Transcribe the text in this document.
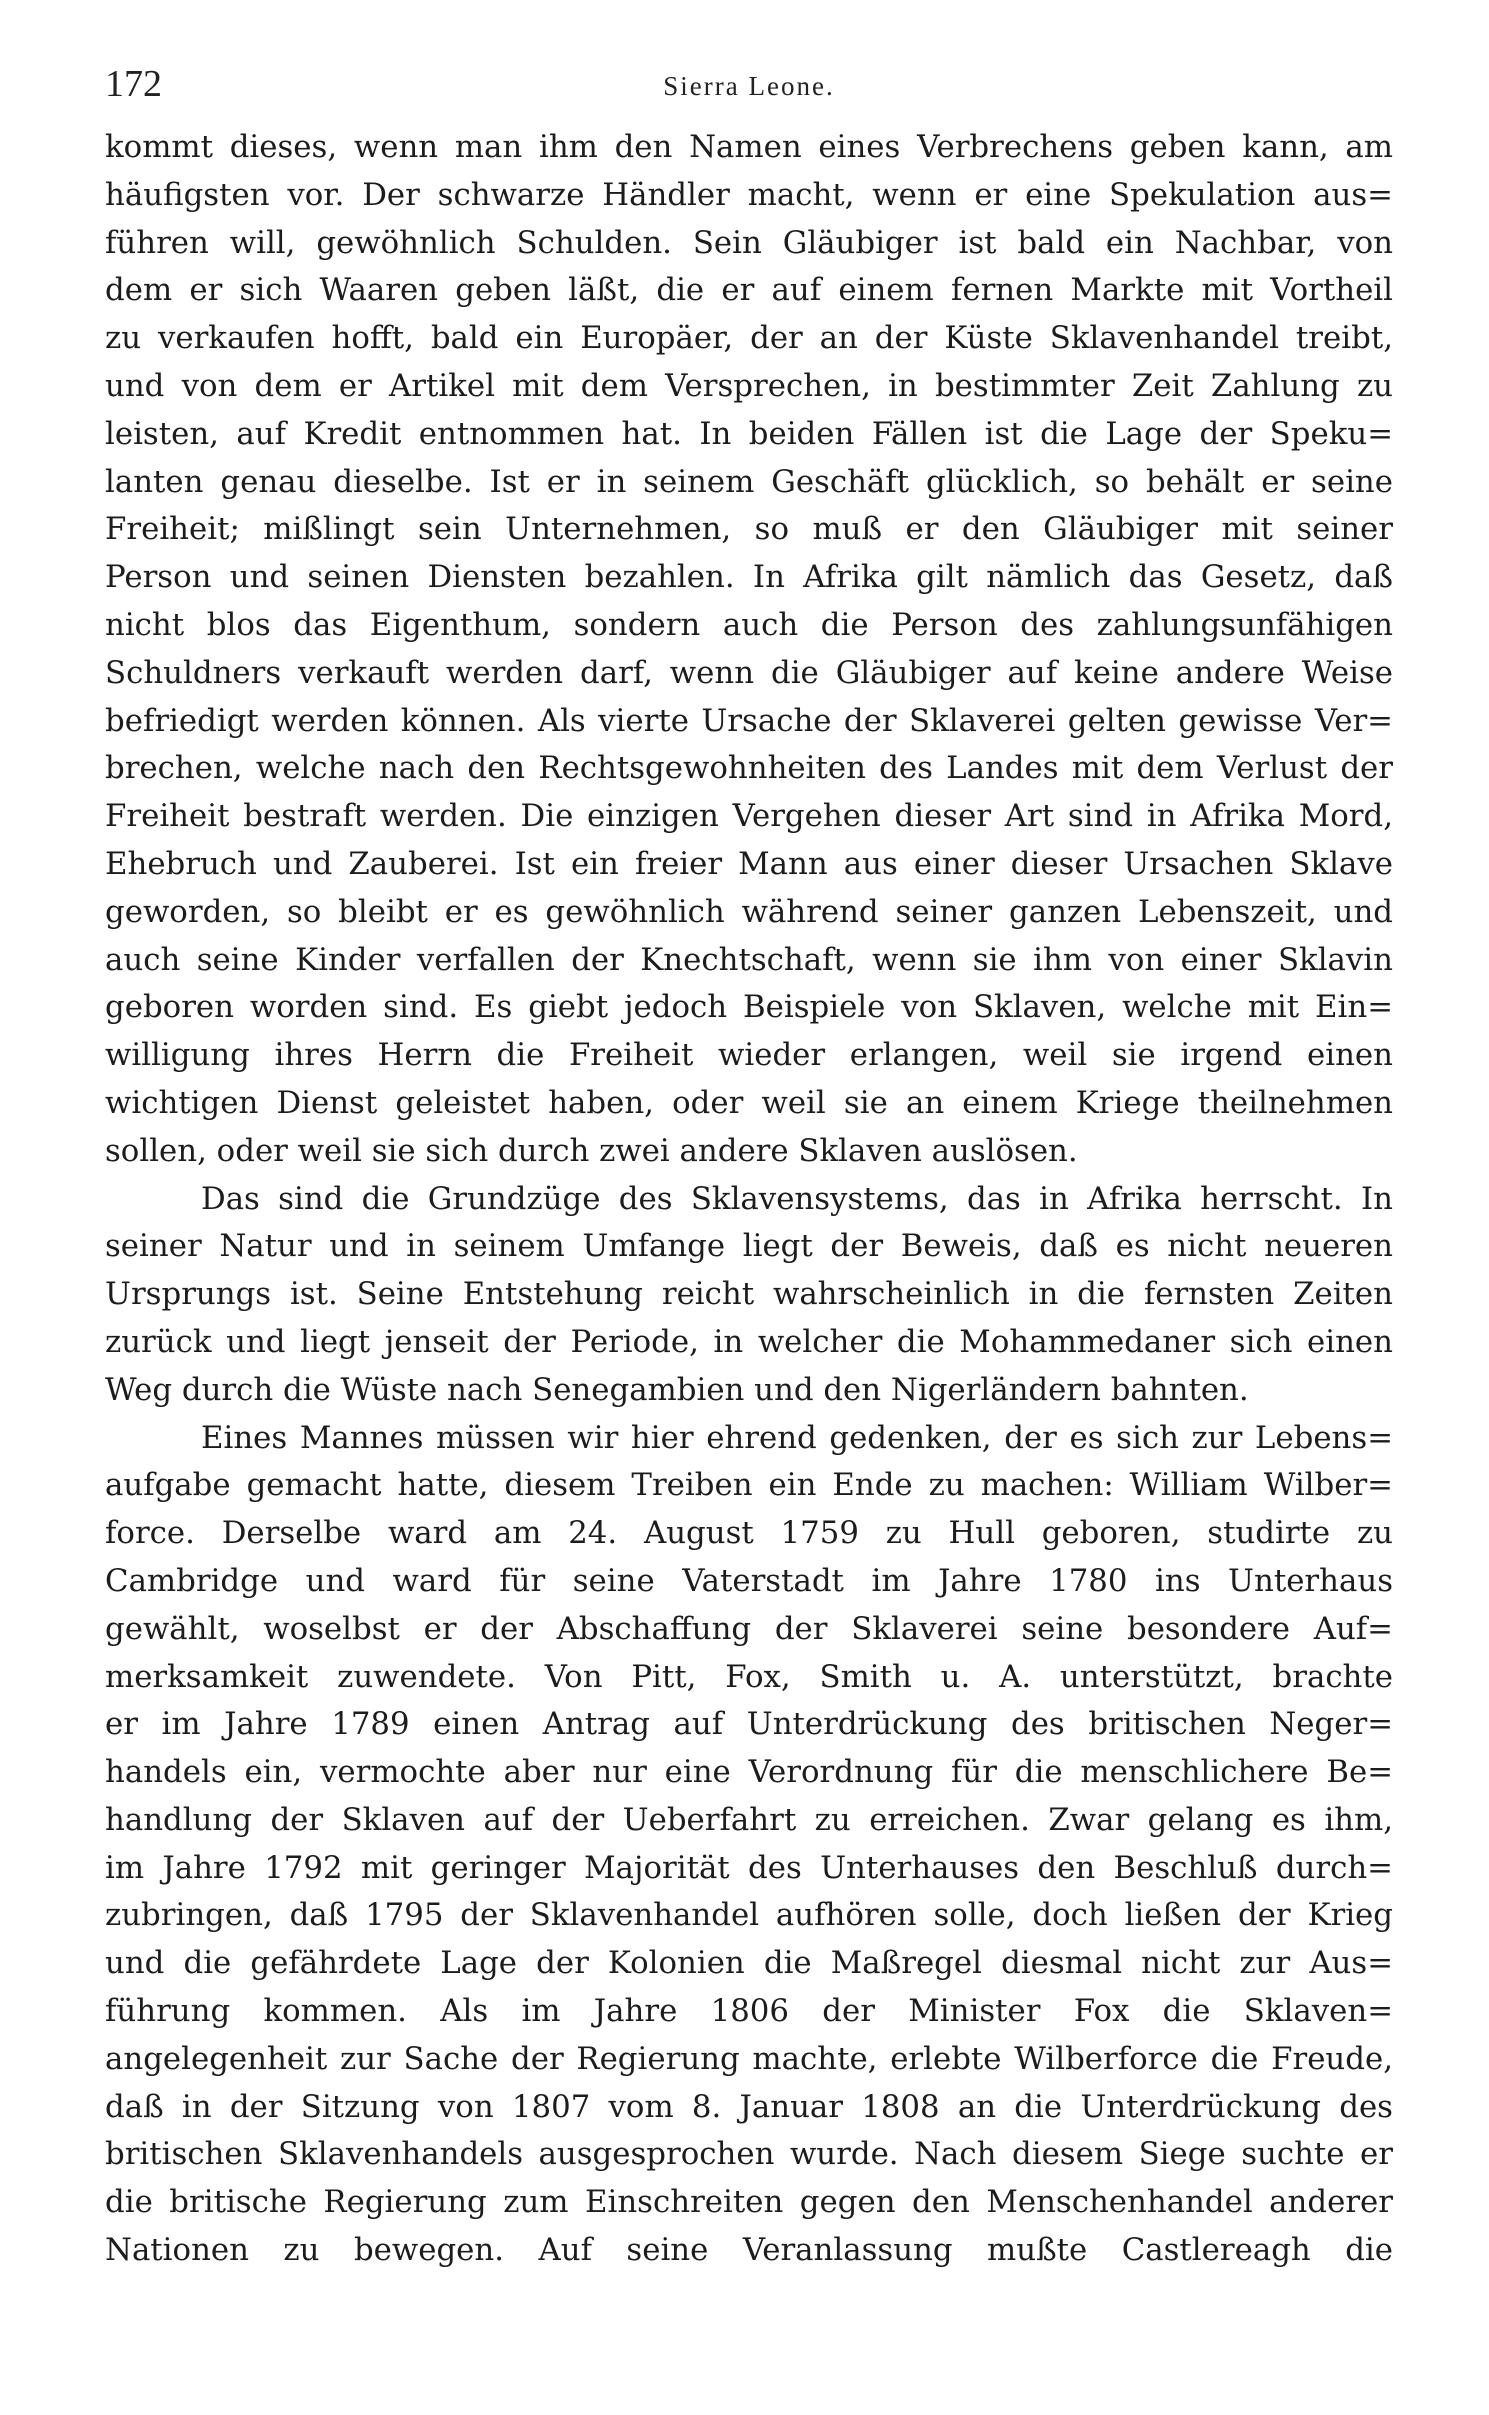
172	Sierra Leone.
kommt dieses, wenn man ihm den Namen eines Verbrechens geben kann, am
häufigsten vor. Der schwarze Händler macht, wenn er eine Spekulation aus=
führen will, gewöhnlich Schulden. Sein Gläubiger ist bald ein Nachbar, von
dem er sich Waaren geben läßt, die er auf einem fernen Markte mit Vortheil
zu verkaufen hofft, bald ein Europäer, der an der Küste Sklavenhandel treibt,
und von dem er Artikel mit dem Versprechen, in bestimmter Zeit Zahlung zu
leisten, auf Kredit entnommen hat. In beiden Fällen ist die Lage der Speku=
lanten genau dieselbe. Ist er in seinem Geschäft glücklich, so behält er seine
Freiheit; mißlingt sein Unternehmen, so muß er den Gläubiger mit seiner
Person und seinen Diensten bezahlen. In Afrika gilt nämlich das Gesetz, daß
nicht blos das Eigenthum, sondern auch die Person des zahlungsunfähigen
Schuldners verkauft werden darf, wenn die Gläubiger auf keine andere Weise
befriedigt werden können. Als vierte Ursache der Sklaverei gelten gewisse Ver=
brechen, welche nach den Rechtsgewohnheiten des Landes mit dem Verlust der
Freiheit bestraft werden. Die einzigen Vergehen dieser Art sind in Afrika Mord,
Ehebruch und Zauberei. Ist ein freier Mann aus einer dieser Ursachen Sklave
geworden, so bleibt er es gewöhnlich während seiner ganzen Lebenszeit, und
auch seine Kinder verfallen der Knechtschaft, wenn sie ihm von einer Sklavin
geboren worden sind. Es giebt jedoch Beispiele von Sklaven, welche mit Ein=
willigung ihres Herrn die Freiheit wieder erlangen, weil sie irgend einen
wichtigen Dienst geleistet haben, oder weil sie an einem Kriege theilnehmen
sollen, oder weil sie sich durch zwei andere Sklaven auslösen.
Das sind die Grundzüge des Sklavensystems, das in Afrika herrscht. In
seiner Natur und in seinem Umfange liegt der Beweis, daß es nicht neueren
Ursprungs ist. Seine Entstehung reicht wahrscheinlich in die fernsten Zeiten
zurück und liegt jenseit der Periode, in welcher die Mohammedaner sich einen
Weg durch die Wüste nach Senegambien und den Nigerländern bahnten.
Eines Mannes müssen wir hier ehrend gedenken, der es sich zur Lebens=
aufgabe gemacht hatte, diesem Treiben ein Ende zu machen: William Wilber=
force. Derselbe ward am 24. August 1759 zu Hull geboren, studirte zu
Cambridge und ward für seine Vaterstadt im Jahre 1780 ins Unterhaus
gewählt, woselbst er der Abschaffung der Sklaverei seine besondere Auf=
merksamkeit zuwendete. Von Pitt, Fox, Smith u. A. unterstützt, brachte
er im Jahre 1789 einen Antrag auf Unterdrückung des britischen Neger=
handels ein, vermochte aber nur eine Verordnung für die menschlichere Be=
handlung der Sklaven auf der Ueberfahrt zu erreichen. Zwar gelang es ihm,
im Jahre 1792 mit geringer Majorität des Unterhauses den Beschluß durch=
zubringen, daß 1795 der Sklavenhandel aufhören solle, doch ließen der Krieg
und die gefährdete Lage der Kolonien die Maßregel diesmal nicht zur Aus=
führung kommen. Als im Jahre 1806 der Minister Fox die Sklaven=
angelegenheit zur Sache der Regierung machte, erlebte Wilberforce die Freude,
daß in der Sitzung von 1807 vom 8. Januar 1808 an die Unterdrückung des
britischen Sklavenhandels ausgesprochen wurde. Nach diesem Siege suchte er
die britische Regierung zum Einschreiten gegen den Menschenhandel anderer
Nationen zu bewegen. Auf seine Veranlassung mußte Castlereagh die
